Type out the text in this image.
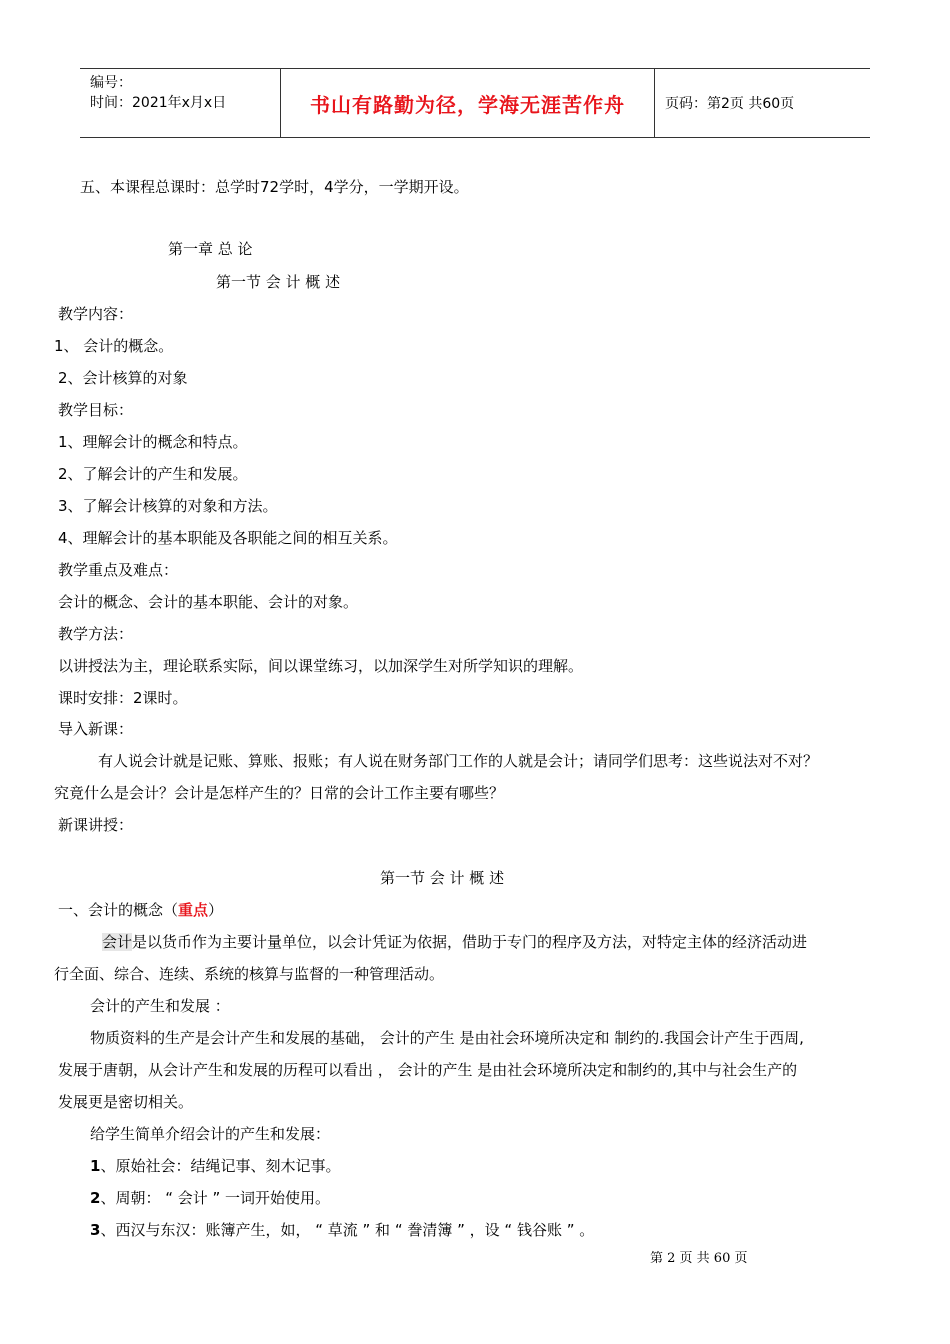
编号：
时间：2021年x月x日	书山有路勤为径，学海无涯苦作舟	页码：第2页 共60页
五、本课程总课时：总学时72学时，4学分，一学期开设。
第一章 总 论
第一节 会 计 概 述
教学内容：
1、 会计的概念。
2、会计核算的对象
教学目标：
1、理解会计的概念和特点。
2、了解会计的产生和发展。
3、了解会计核算的对象和方法。
4、理解会计的基本职能及各职能之间的相互关系。
教学重点及难点：
会计的概念、会计的基本职能、会计的对象。
教学方法：
以讲授法为主，理论联系实际，间以课堂练习，以加深学生对所学知识的理解。
课时安排：2课时。
导入新课：
有人说会计就是记账、算账、报账；有人说在财务部门工作的人就是会计；请同学们思考：这些说法对不对？
究竟什么是会计？会计是怎样产生的？日常的会计工作主要有哪些？
新课讲授：
第一节 会 计 概 述
一、会计的概念（重点）
会计是以货币作为主要计量单位，以会计凭证为依据，借助于专门的程序及方法，对特定主体的经济活动进
行全面、综合、连续、系统的核算与监督的一种管理活动。
会计的产生和发展 ：
物质资料的生产是会计产生和发展的基础， 会计的产生 是由社会环境所决定和 制约的.我国会计产生于西周,
发展于唐朝，从会计产生和发展的历程可以看出 ， 会计的产生 是由社会环境所决定和制约的,其中与社会生产的
发展更是密切相关。
给学生简单介绍会计的产生和发展：
1、原始社会：结绳记事、刻木记事。
2、周朝： “ 会计 ” 一词开始使用。
3、西汉与东汉：账簿产生，如， “ 草流 ” 和 “ 誊清簿 ” ，设 “ 钱谷账 ” 。
第 2 页 共 60 页
